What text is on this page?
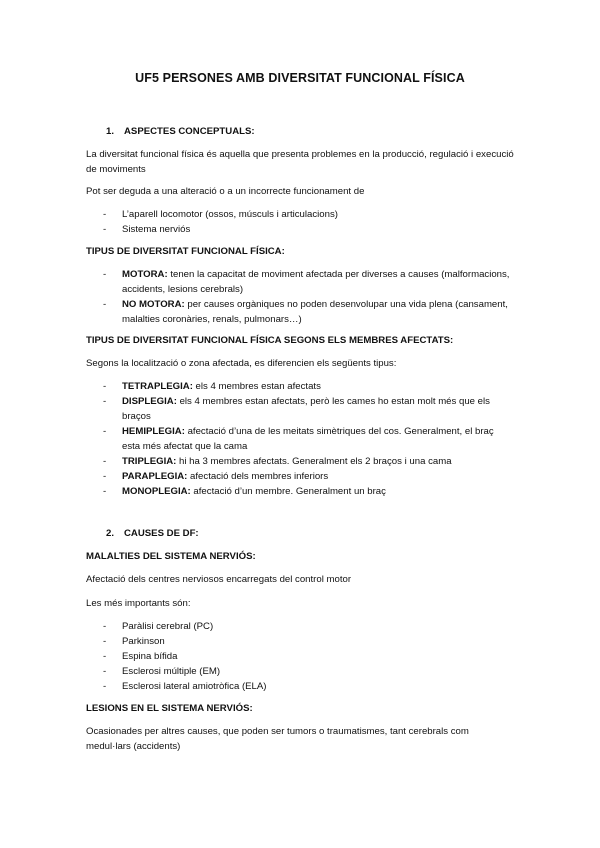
UF5 PERSONES AMB DIVERSITAT FUNCIONAL FÍSICA
1. ASPECTES CONCEPTUALS:
La diversitat funcional física és aquella que presenta problemes en la producció, regulació i execució de moviments
Pot ser deguda a una alteració o a un incorrecte funcionament de
- L’aparell locomotor (ossos, músculs i articulacions)
- Sistema nerviós
TIPUS DE DIVERSITAT FUNCIONAL FÍSICA:
- MOTORA: tenen la capacitat de moviment afectada per diverses a causes (malformacions, accidents, lesions cerebrals)
- NO MOTORA: per causes orgàniques no poden desenvolupar una vida plena (cansament, malalties coronàries, renals, pulmonars…)
TIPUS DE DIVERSITAT FUNCIONAL FÍSICA SEGONS ELS MEMBRES AFECTATS:
Segons la localització o zona afectada, es diferencien els següents tipus:
- TETRAPLEGIA: els 4 membres estan afectats
- DISPLEGIA: els 4 membres estan afectats, però les cames ho estan molt més que els braços
- HEMIPLEGIA: afectació d’una de les meitats simètriques del cos. Generalment, el braç esta més afectat que la cama
- TRIPLEGIA: hi ha 3 membres afectats. Generalment els 2 braços i una cama
- PARAPLEGIA: afectació dels membres inferiors
- MONOPLEGIA: afectació d’un membre. Generalment un braç
2. CAUSES DE DF:
MALALTIES DEL SISTEMA NERVIÓS:
Afectació dels centres nerviosos encarregats del control motor
Les més importants són:
- Paràlisi cerebral (PC)
- Parkinson
- Espina bífida
- Esclerosi múltiple (EM)
- Esclerosi lateral amiotròfica (ELA)
LESIONS EN EL SISTEMA NERVIÓS:
Ocasionades per altres causes, que poden ser tumors o traumatismes, tant cerebrals com medul·lars (accidents)
